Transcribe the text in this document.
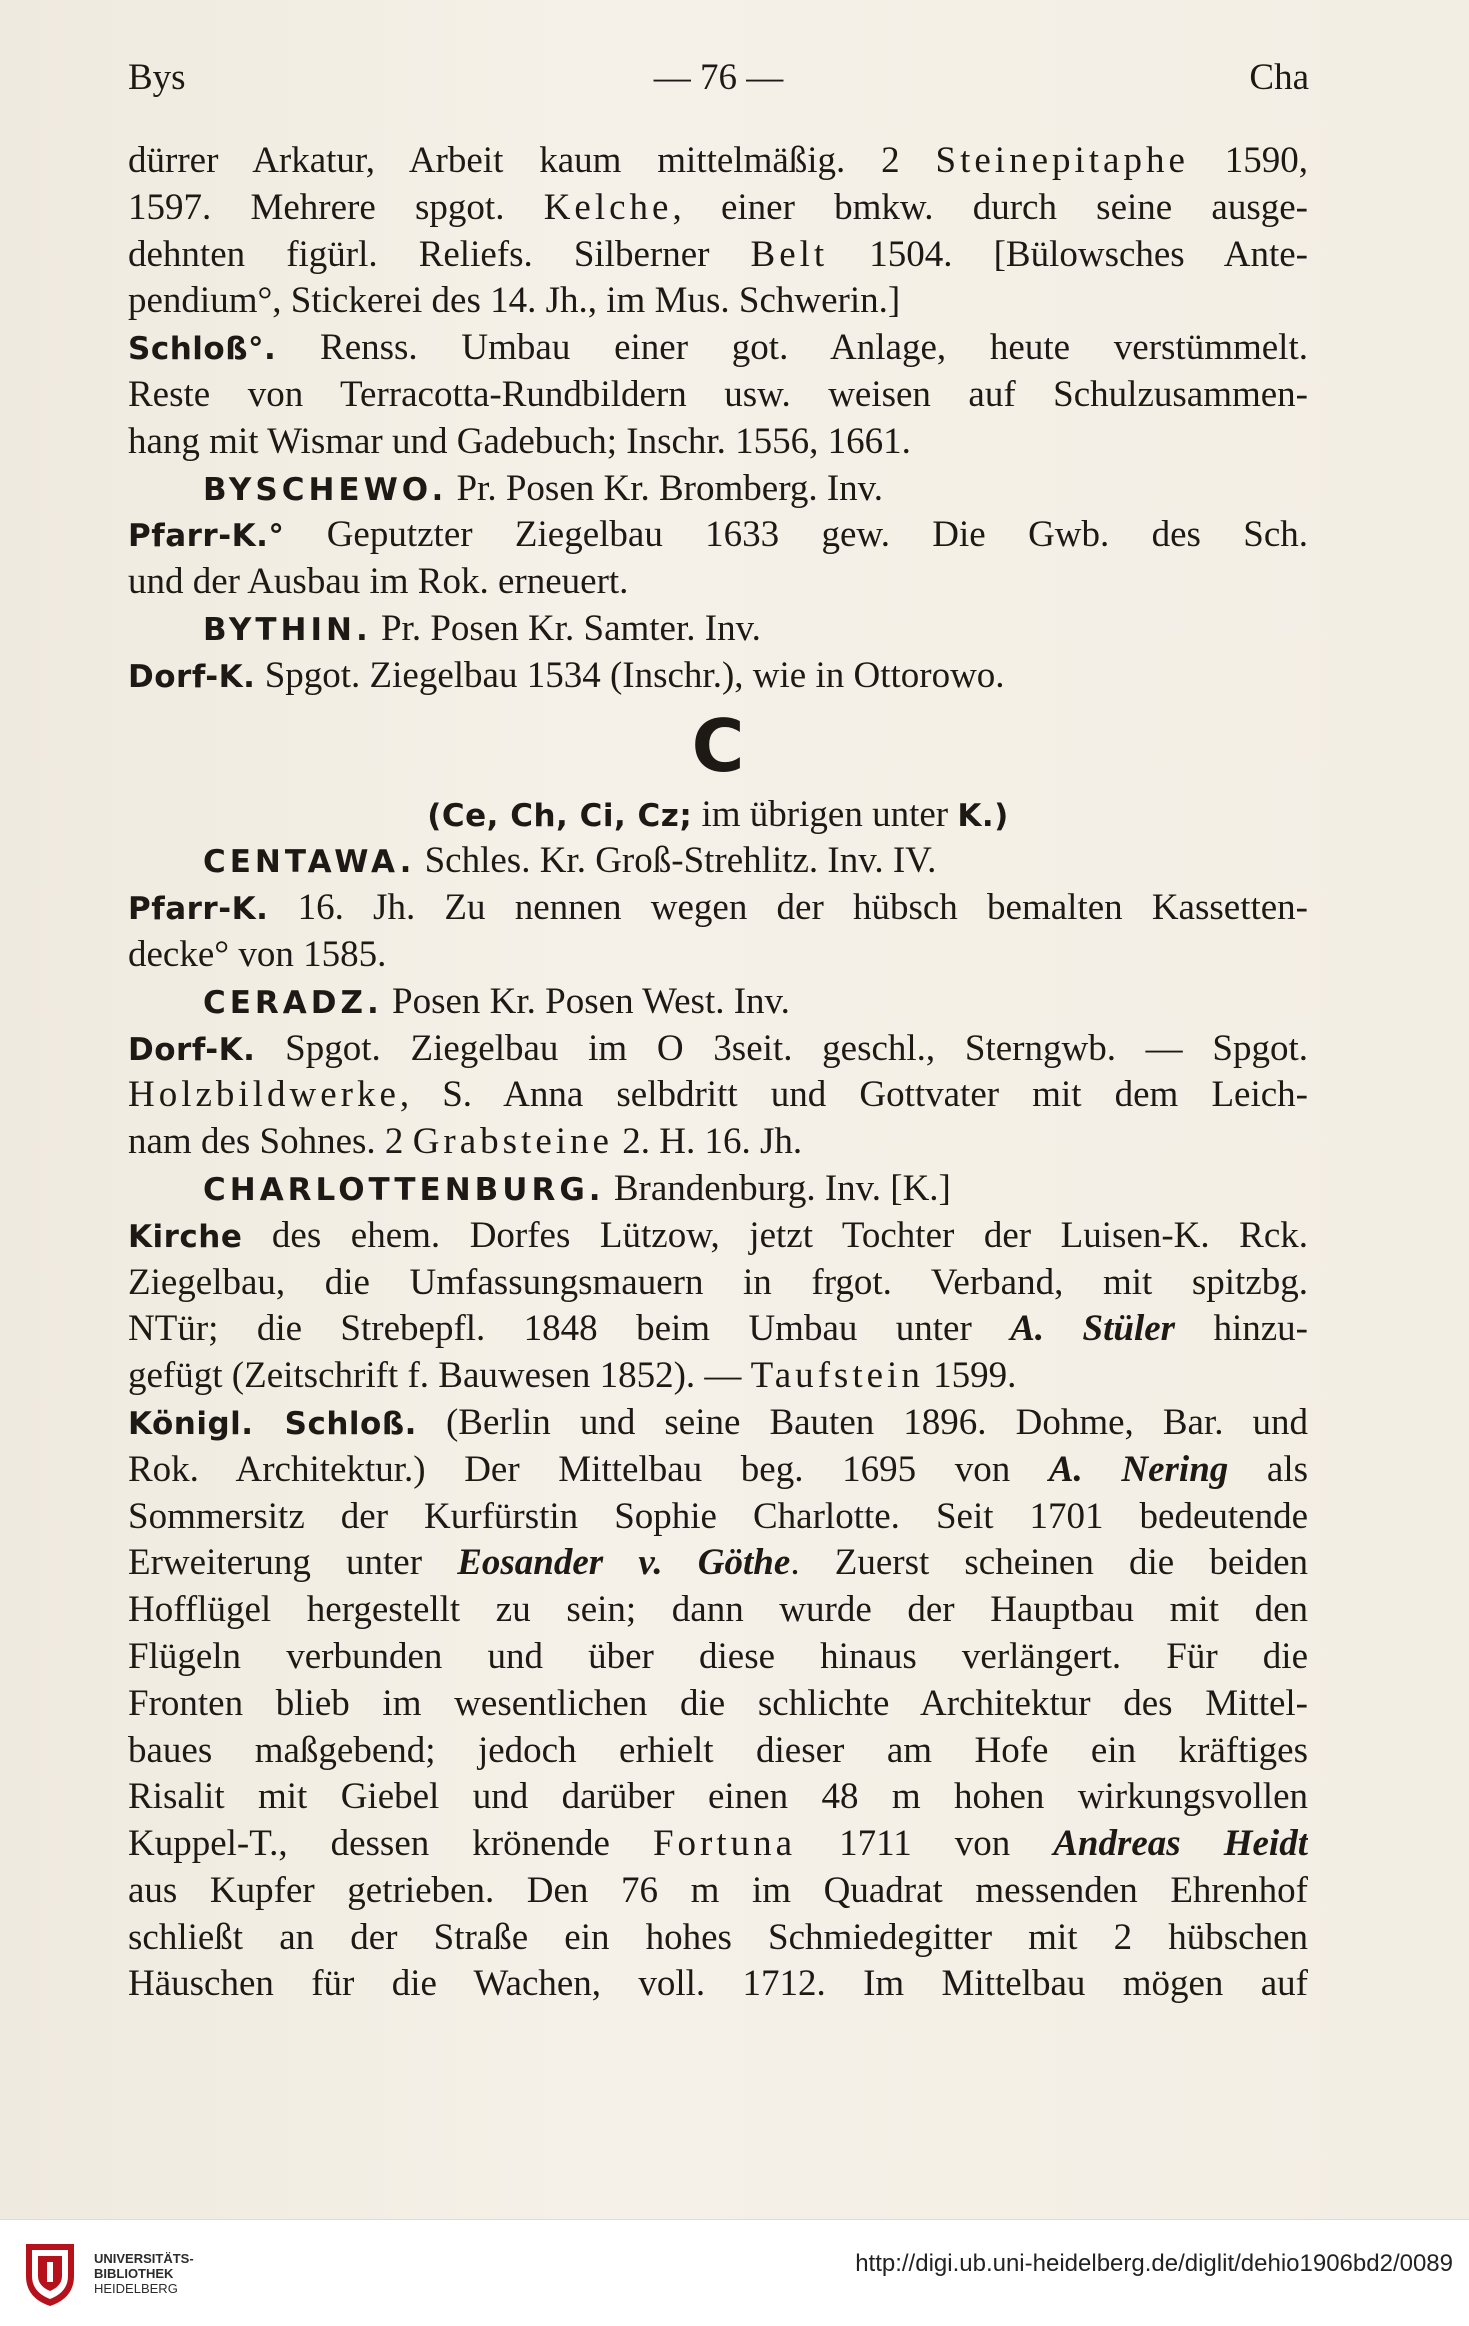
Bys	— 76 —	Cha
dürrer Arkatur, Arbeit kaum mittelmäßig. 2 Steinepitaphe 1590,
1597. Mehrere spgot. Kelche, einer bmkw. durch seine ausge-
dehnten figürl. Reliefs. Silberner Belt 1504. [Bülowsches Ante-
pendium°, Stickerei des 14. Jh., im Mus. Schwerin.]
Schloß°. Renss. Umbau einer got. Anlage, heute verstümmelt.
Reste von Terracotta-Rundbildern usw. weisen auf Schulzusammen-
hang mit Wismar und Gadebuch; Inschr. 1556, 1661.
BYSCHEWO. Pr. Posen Kr. Bromberg. Inv.
Pfarr-K.° Geputzter Ziegelbau 1633 gew. Die Gwb. des Sch.
und der Ausbau im Rok. erneuert.
BYTHIN. Pr. Posen Kr. Samter. Inv.
Dorf-K. Spgot. Ziegelbau 1534 (Inschr.), wie in Ottorowo.
C
(Ce, Ch, Ci, Cz; im übrigen unter K.)
CENTAWA. Schles. Kr. Groß-Strehlitz. Inv. IV.
Pfarr-K. 16. Jh. Zu nennen wegen der hübsch bemalten Kassetten-
decke° von 1585.
CERADZ. Posen Kr. Posen West. Inv.
Dorf-K. Spgot. Ziegelbau im O 3seit. geschl., Sterngwb. — Spgot.
Holzbildwerke, S. Anna selbdritt und Gottvater mit dem Leich-
nam des Sohnes. 2 Grabsteine 2. H. 16. Jh.
CHARLOTTENBURG. Brandenburg. Inv. [K.]
Kirche des ehem. Dorfes Lützow, jetzt Tochter der Luisen-K. Rck.
Ziegelbau, die Umfassungsmauern in frgot. Verband, mit spitzbg.
NTür; die Strebepfl. 1848 beim Umbau unter A. Stüler hinzu-
gefügt (Zeitschrift f. Bauwesen 1852). — Taufstein 1599.
Königl. Schloß. (Berlin und seine Bauten 1896. Dohme, Bar. und
Rok. Architektur.) Der Mittelbau beg. 1695 von A. Nering als
Sommersitz der Kurfürstin Sophie Charlotte. Seit 1701 bedeutende
Erweiterung unter Eosander v. Göthe. Zuerst scheinen die beiden
Hofflügel hergestellt zu sein; dann wurde der Hauptbau mit den
Flügeln verbunden und über diese hinaus verlängert. Für die
Fronten blieb im wesentlichen die schlichte Architektur des Mittel-
baues maßgebend; jedoch erhielt dieser am Hofe ein kräftiges
Risalit mit Giebel und darüber einen 48 m hohen wirkungsvollen
Kuppel-T., dessen krönende Fortuna 1711 von Andreas Heidt
aus Kupfer getrieben. Den 76 m im Quadrat messenden Ehrenhof
schließt an der Straße ein hohes Schmiedegitter mit 2 hübschen
Häuschen für die Wachen, voll. 1712. Im Mittelbau mögen auf
UNIVERSITÄTS-
BIBLIOTHEK
HEIDELBERG
http://digi.ub.uni-heidelberg.de/diglit/dehio1906bd2/0089
